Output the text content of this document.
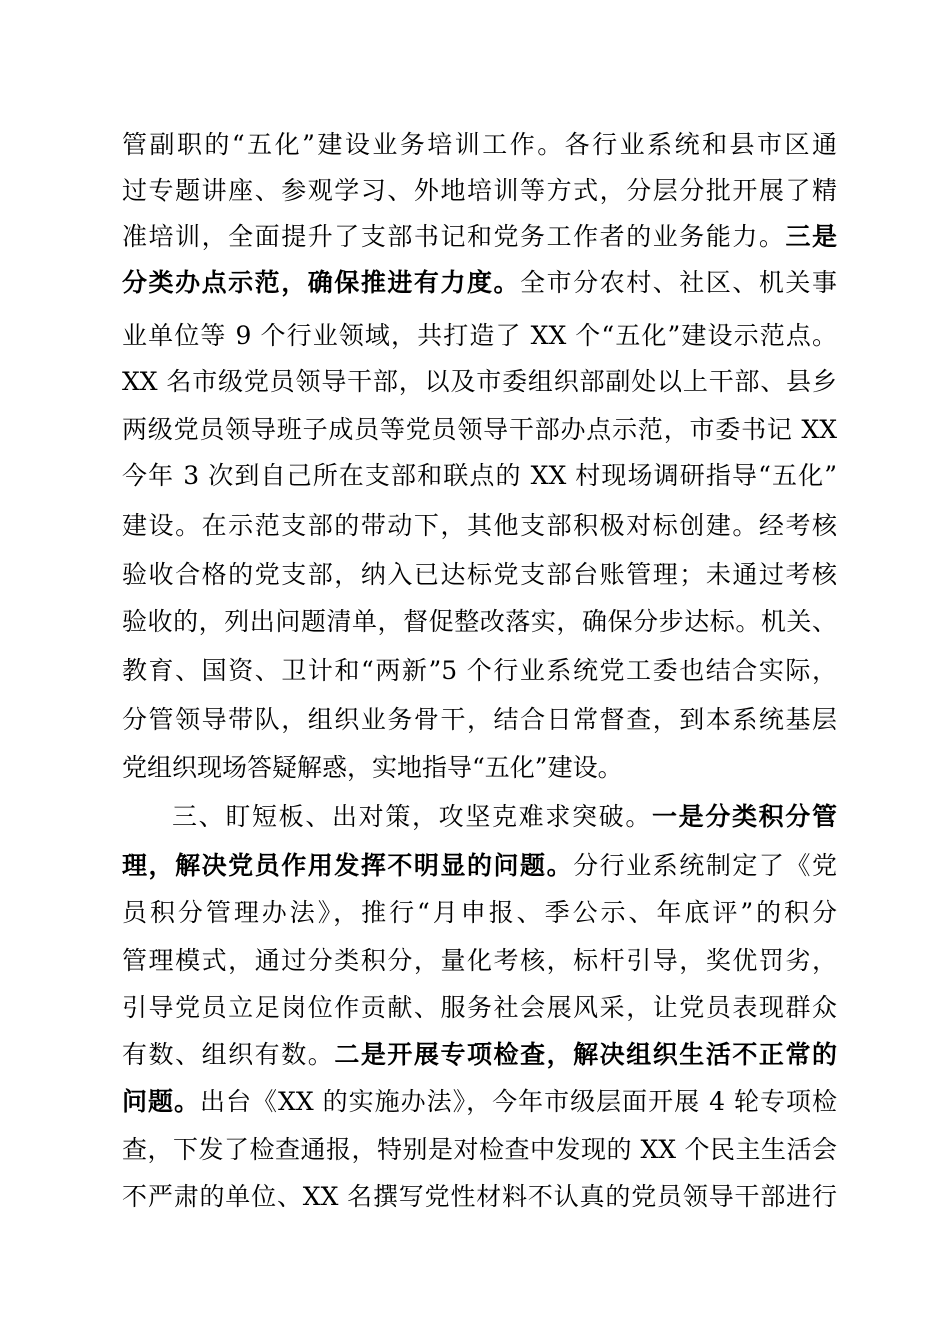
管副职的“五化”建设业务培训工作。各行业系统和县市区通
过专题讲座、参观学习、外地培训等方式，分层分批开展了精
准培训，全面提升了支部书记和党务工作者的业务能力。三是
分类办点示范，确保推进有力度。全市分农村、社区、机关事
业单位等 9 个行业领域，共打造了 XX 个“五化”建设示范点。
XX 名市级党员领导干部，以及市委组织部副处以上干部、县乡
两级党员领导班子成员等党员领导干部办点示范，市委书记 XX
今年 3 次到自己所在支部和联点的 XX 村现场调研指导“五化”
建设。在示范支部的带动下，其他支部积极对标创建。经考核
验收合格的党支部，纳入已达标党支部台账管理；未通过考核
验收的，列出问题清单，督促整改落实，确保分步达标。机关、
教育、国资、卫计和“两新”5 个行业系统党工委也结合实际，
分管领导带队，组织业务骨干，结合日常督查，到本系统基层
党组织现场答疑解惑，实地指导“五化”建设。
三、盯短板、出对策，攻坚克难求突破。一是分类积分管
理，解决党员作用发挥不明显的问题。分行业系统制定了《党
员积分管理办法》，推行“月申报、季公示、年底评”的积分
管理模式，通过分类积分，量化考核，标杆引导，奖优罚劣，
引导党员立足岗位作贡献、服务社会展风采，让党员表现群众
有数、组织有数。二是开展专项检查，解决组织生活不正常的
问题。出台《XX 的实施办法》，今年市级层面开展 4 轮专项检
查，下发了检查通报，特别是对检查中发现的 XX 个民主生活会
不严肃的单位、XX 名撰写党性材料不认真的党员领导干部进行
